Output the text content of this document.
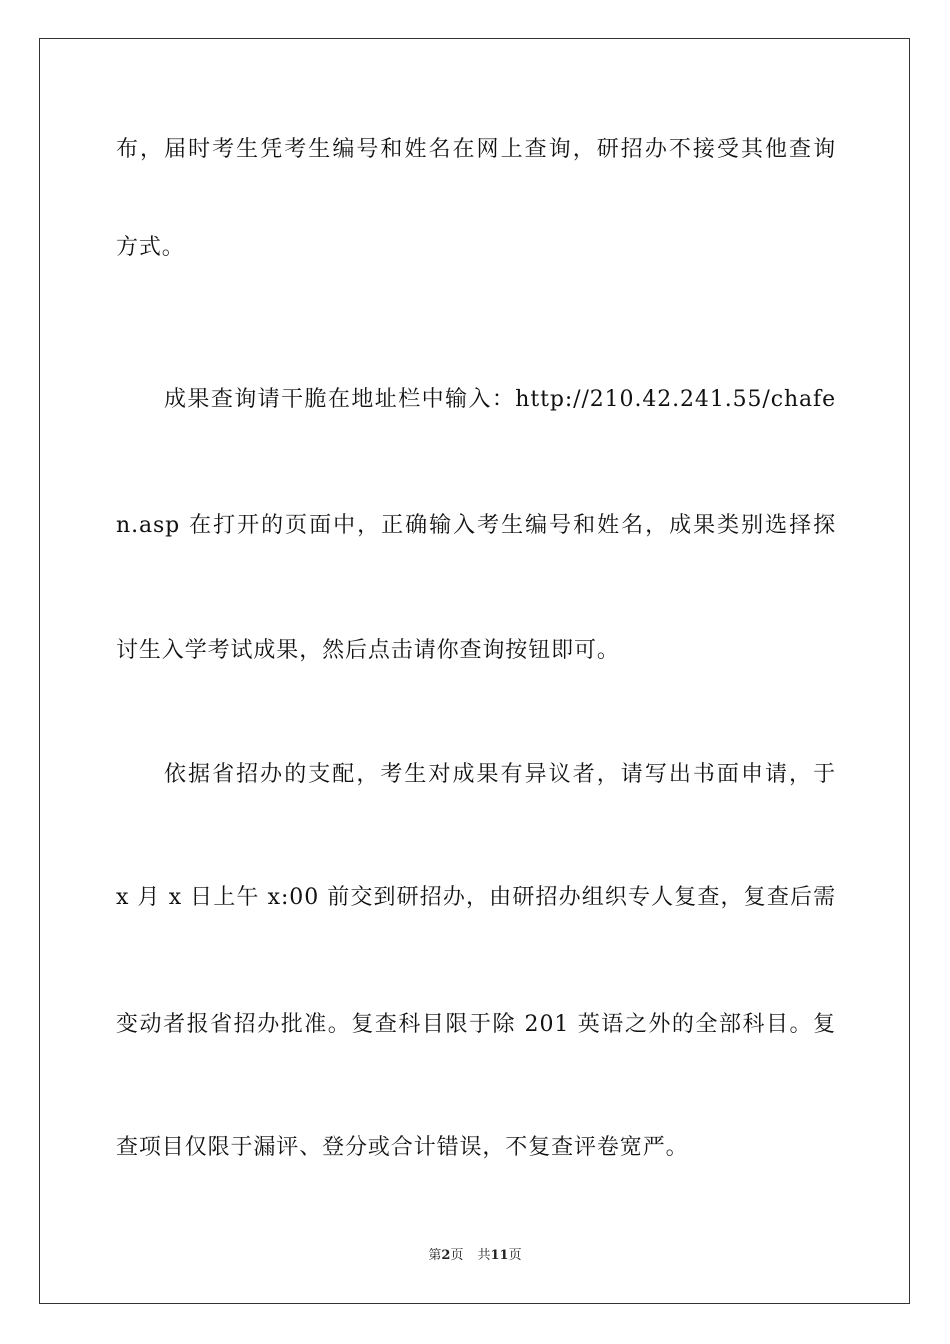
布，届时考生凭考生编号和姓名在网上查询，研招办不接受其他查询
方式。
成果查询请干脆在地址栏中输入：http://210.42.241.55/chafe
n.asp 在打开的页面中，正确输入考生编号和姓名，成果类别选择探
讨生入学考试成果，然后点击请你查询按钮即可。
依据省招办的支配，考生对成果有异议者，请写出书面申请，于
x 月 x 日上午 x:00 前交到研招办，由研招办组织专人复查，复查后需
变动者报省招办批准。复查科目限于除 201 英语之外的全部科目。复
查项目仅限于漏评、登分或合计错误，不复查评卷宽严。
第2页 共11页
